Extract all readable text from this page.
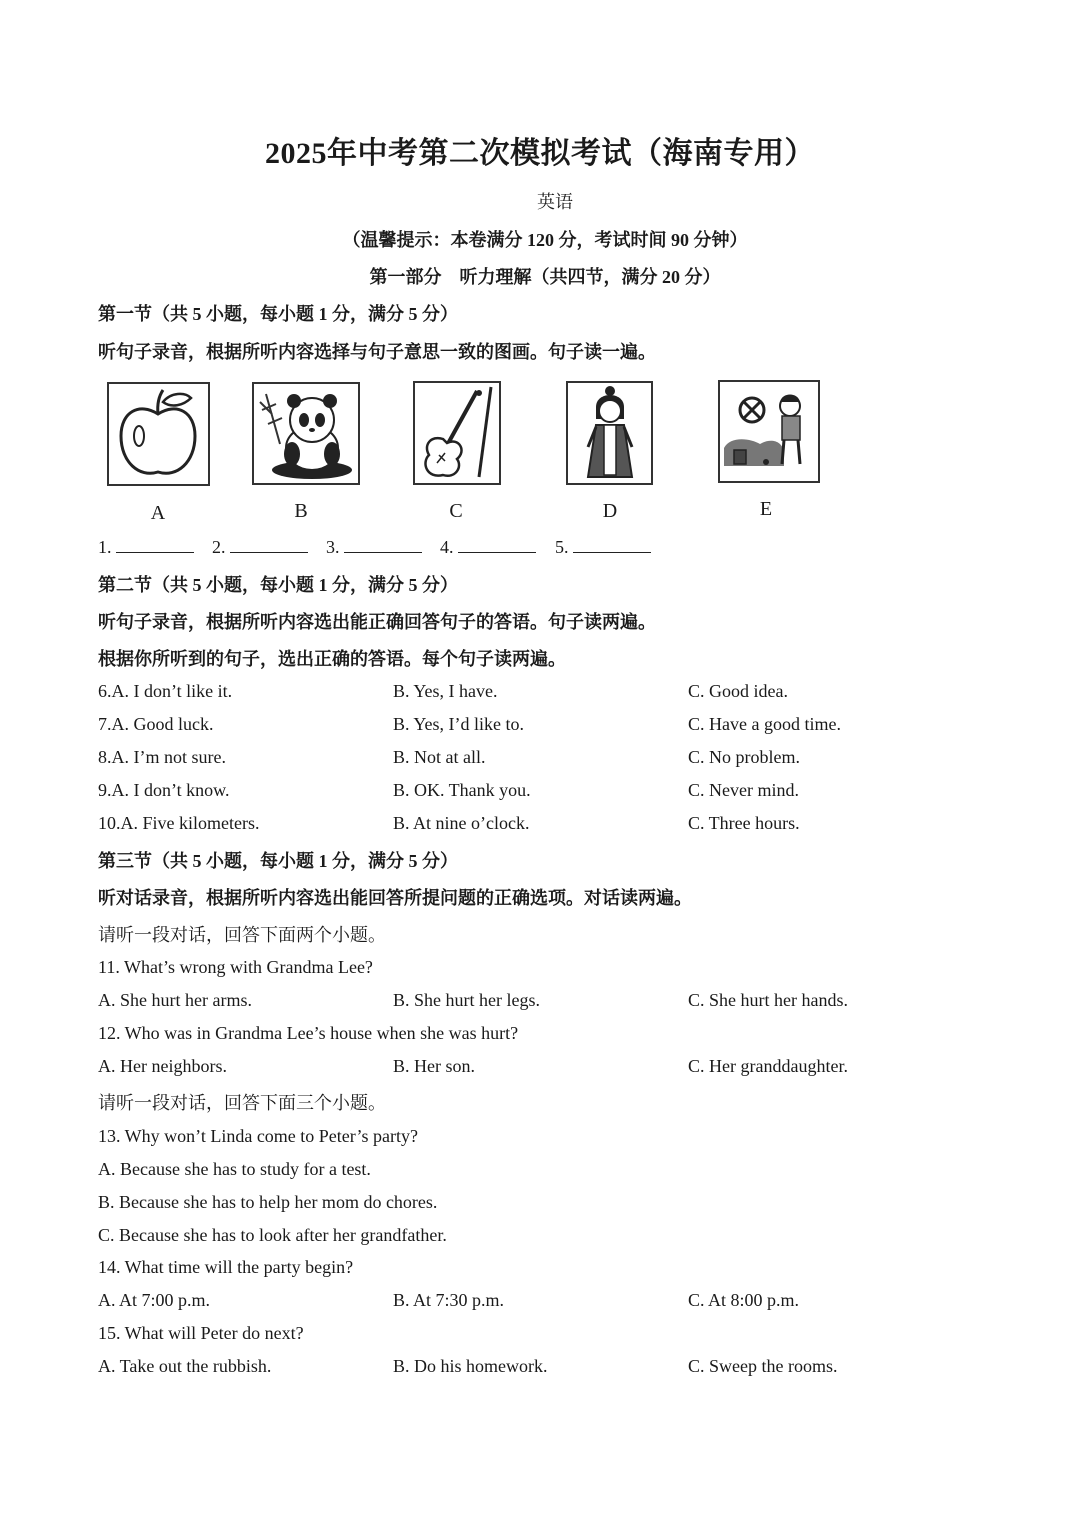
2025年中考第二次模拟考试（海南专用）
英语
（温馨提示：本卷满分 120 分，考试时间 90 分钟）
第一部分　听力理解（共四节，满分 20 分）
第一节（共 5 小题，每小题 1 分，满分 5 分）
听句子录音，根据所听内容选择与句子意思一致的图画。句子读一遍。
A	B	C	D	E
1.	2.	3.	4.	5.
第二节（共 5 小题，每小题 1 分，满分 5 分）
听句子录音，根据所听内容选出能正确回答句子的答语。句子读两遍。
根据你所听到的句子，选出正确的答语。每个句子读两遍。
6.A. I don’t like it.	B. Yes, I have.	C. Good idea.
7.A. Good luck.	B. Yes, I’d like to.	C. Have a good time.
8.A. I’m not sure.	B. Not at all.	C. No problem.
9.A. I don’t know.	B. OK. Thank you.	C. Never mind.
10.A. Five kilometers.	B. At nine o’clock.	C. Three hours.
第三节（共 5 小题，每小题 1 分，满分 5 分）
听对话录音，根据所听内容选出能回答所提问题的正确选项。对话读两遍。
请听一段对话，回答下面两个小题。
11. What’s wrong with Grandma Lee?
A. She hurt her arms.	B. She hurt her legs.	C. She hurt her hands.
12. Who was in Grandma Lee’s house when she was hurt?
A. Her neighbors.	B. Her son.	C. Her granddaughter.
请听一段对话，回答下面三个小题。
13. Why won’t Linda come to Peter’s party?
A. Because she has to study for a test.
B. Because she has to help her mom do chores.
C. Because she has to look after her grandfather.
14. What time will the party begin?
A. At 7:00 p.m.	B. At 7:30 p.m.	C. At 8:00 p.m.
15. What will Peter do next?
A. Take out the rubbish.	B. Do his homework.	C. Sweep the rooms.
